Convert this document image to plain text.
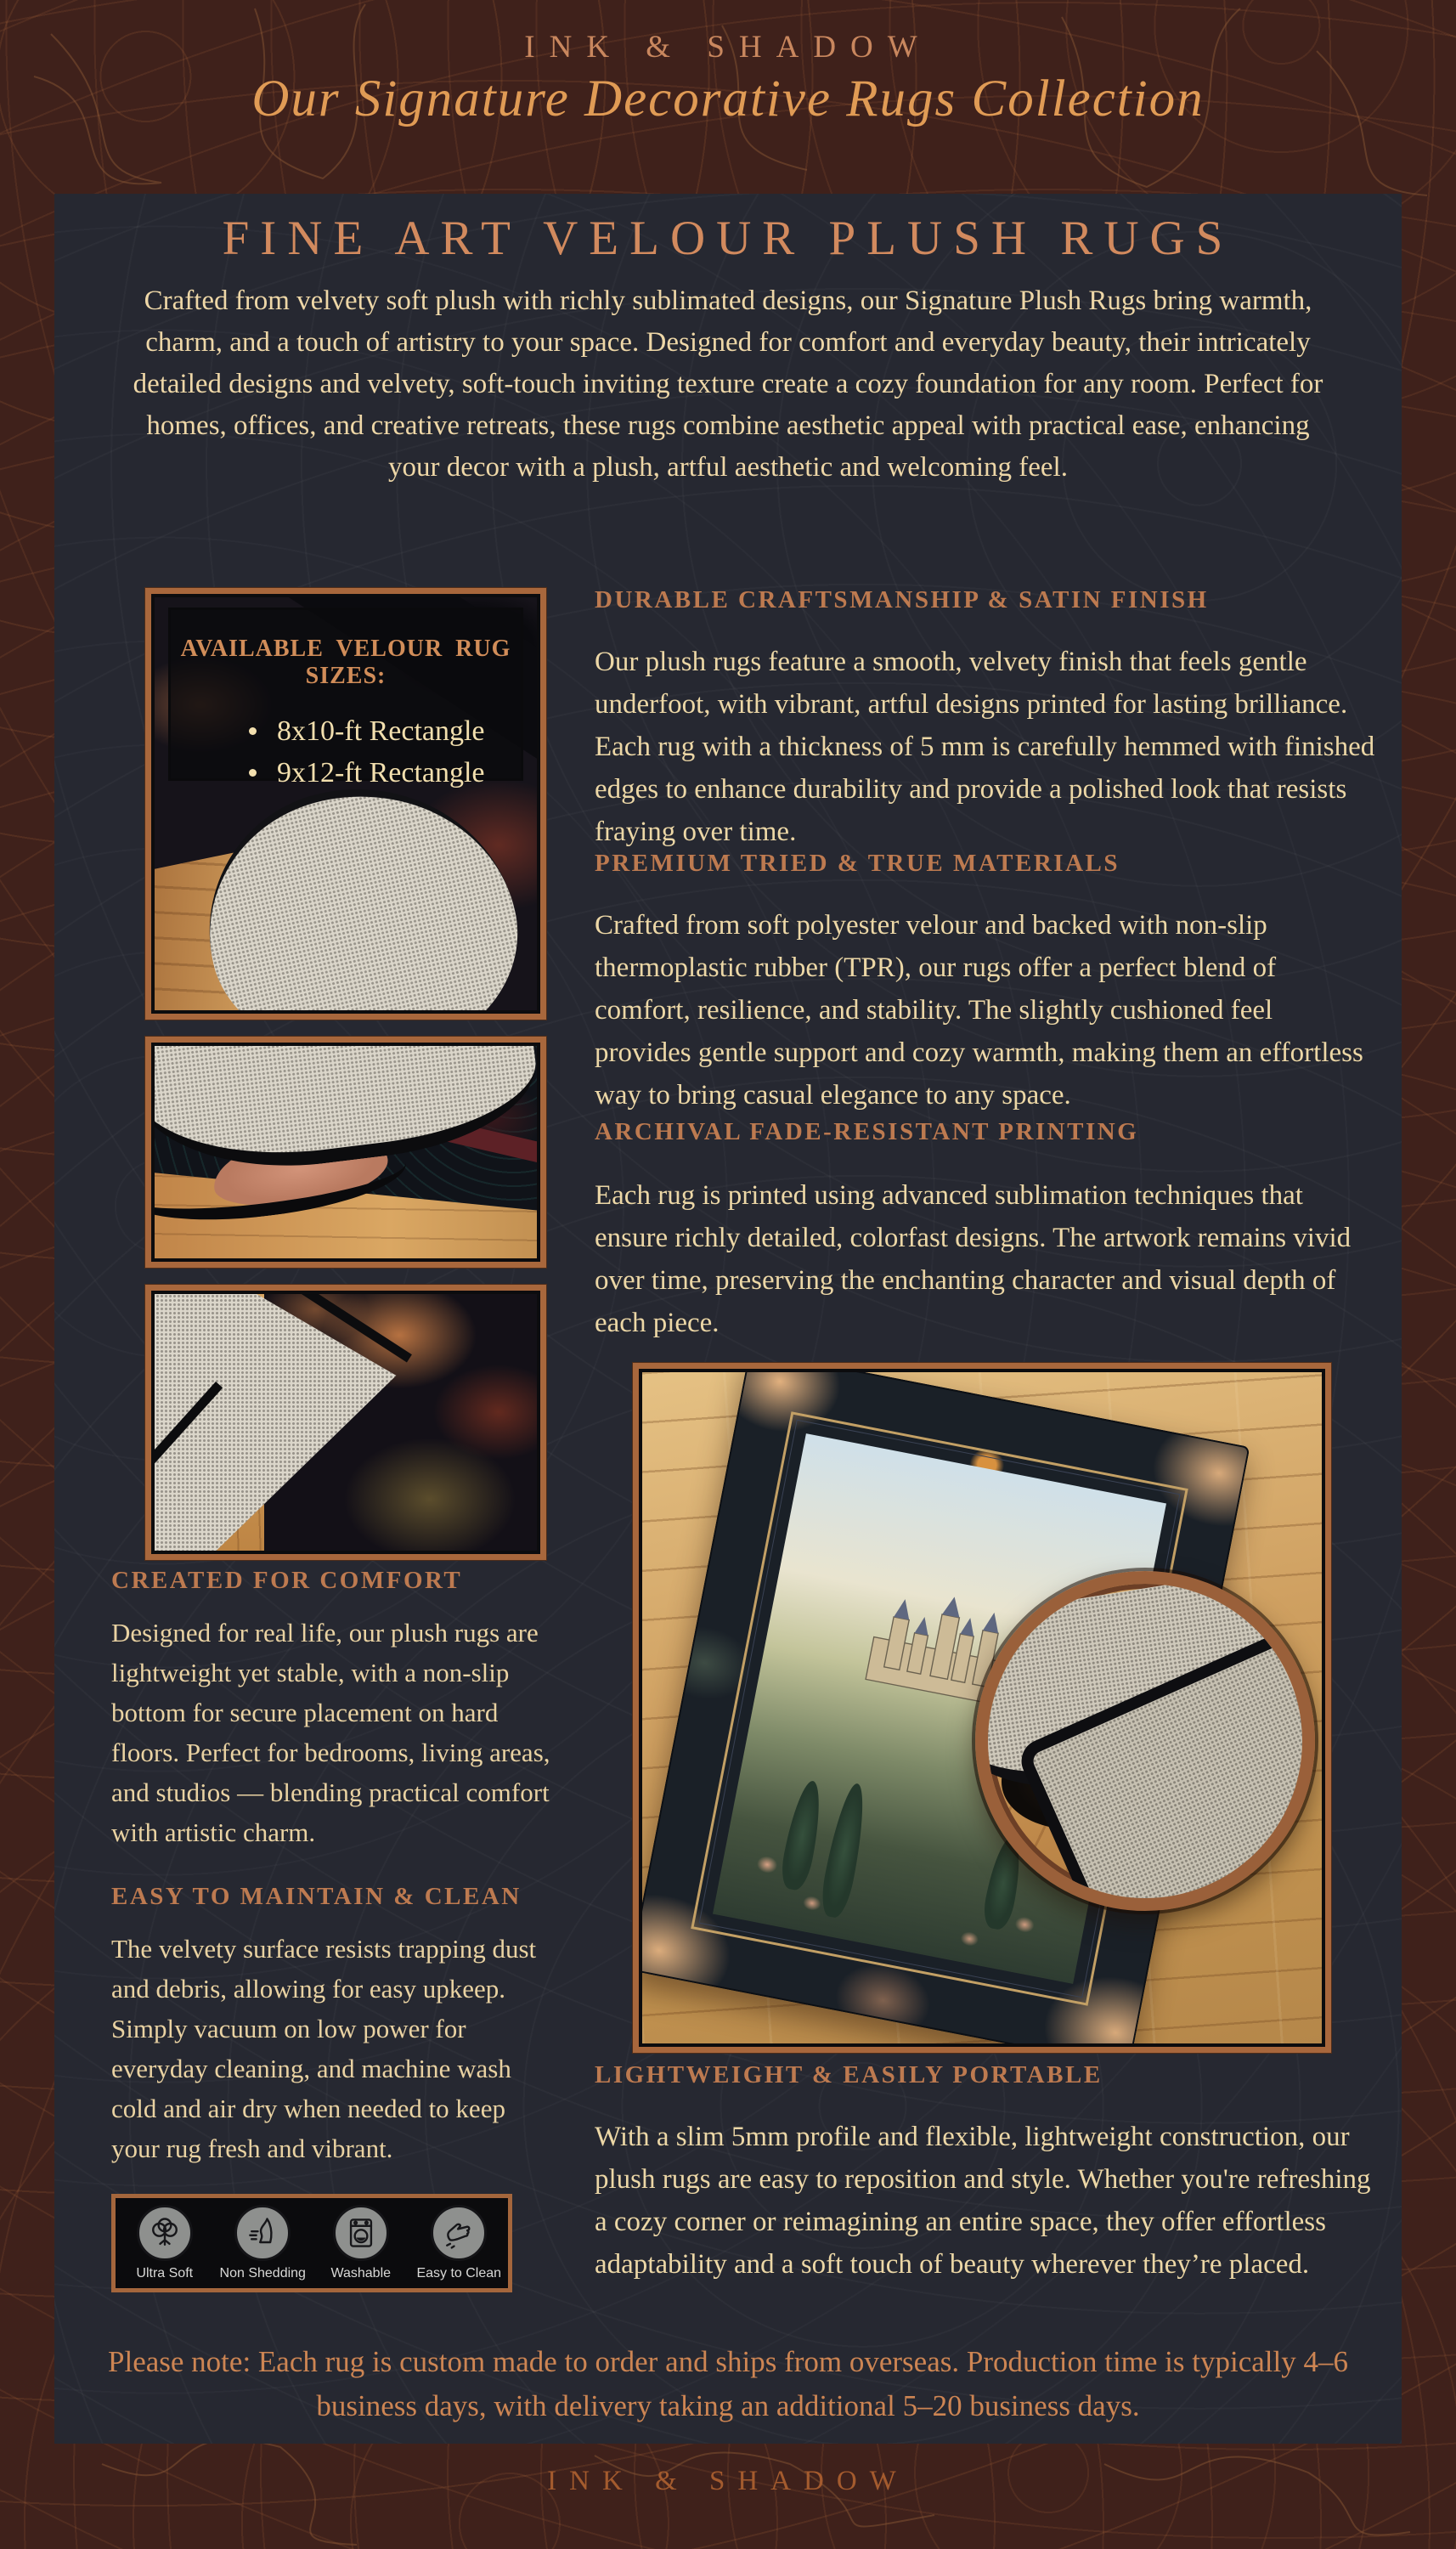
INK & SHADOW
Our Signature Decorative Rugs Collection
FINE ART VELOUR PLUSH RUGS

Crafted from velvety soft plush with richly sublimated designs, our Signature Plush Rugs bring warmth, charm, and a touch of artistry to your space. Designed for comfort and everyday beauty, their intricately detailed designs and velvety, soft-touch inviting texture create a cozy foundation for any room. Perfect for homes, offices, and creative retreats, these rugs combine aesthetic appeal with practical ease, enhancing your decor with a plush, artful aesthetic and welcoming feel.

AVAILABLE VELOUR RUG SIZES:
8x10-ft Rectangle
9x12-ft Rectangle
CREATED FOR COMFORT

Designed for real life, our plush rugs are lightweight yet stable, with a non-slip bottom for secure placement on hard floors. Perfect for bedrooms, living areas, and studios — blending practical comfort with artistic charm.

EASY TO MAINTAIN & CLEAN

The velvety surface resists trapping dust and debris, allowing for easy upkeep. Simply vacuum on low power for everyday cleaning, and machine wash cold and air dry when needed to keep your rug fresh and vibrant.

Ultra Soft Non Shedding Washable Easy to Clean
DURABLE CRAFTSMANSHIP & SATIN FINISH

Our plush rugs feature a smooth, velvety finish that feels gentle underfoot, with vibrant, artful designs printed for lasting brilliance. Each rug with a thickness of 5 mm is carefully hemmed with finished edges to enhance durability and provide a polished look that resists fraying over time.

PREMIUM TRIED & TRUE MATERIALS

Crafted from soft polyester velour and backed with non-slip thermoplastic rubber (TPR), our rugs offer a perfect blend of comfort, resilience, and stability. The slightly cushioned feel provides gentle support and cozy warmth, making them an effortless way to bring casual elegance to any space.

ARCHIVAL FADE-RESISTANT PRINTING

Each rug is printed using advanced sublimation techniques that ensure richly detailed, colorfast designs. The artwork remains vivid over time, preserving the enchanting character and visual depth of each piece.

LIGHTWEIGHT & EASILY PORTABLE

With a slim 5mm profile and flexible, lightweight construction, our plush rugs are easy to reposition and style. Whether you're refreshing a cozy corner or reimagining an entire space, they offer effortless adaptability and a soft touch of beauty wherever they’re placed.

Please note: Each rug is custom made to order and ships from overseas. Production time is typically 4–6 business days, with delivery taking an additional 5–20 business days.

INK & SHADOW
